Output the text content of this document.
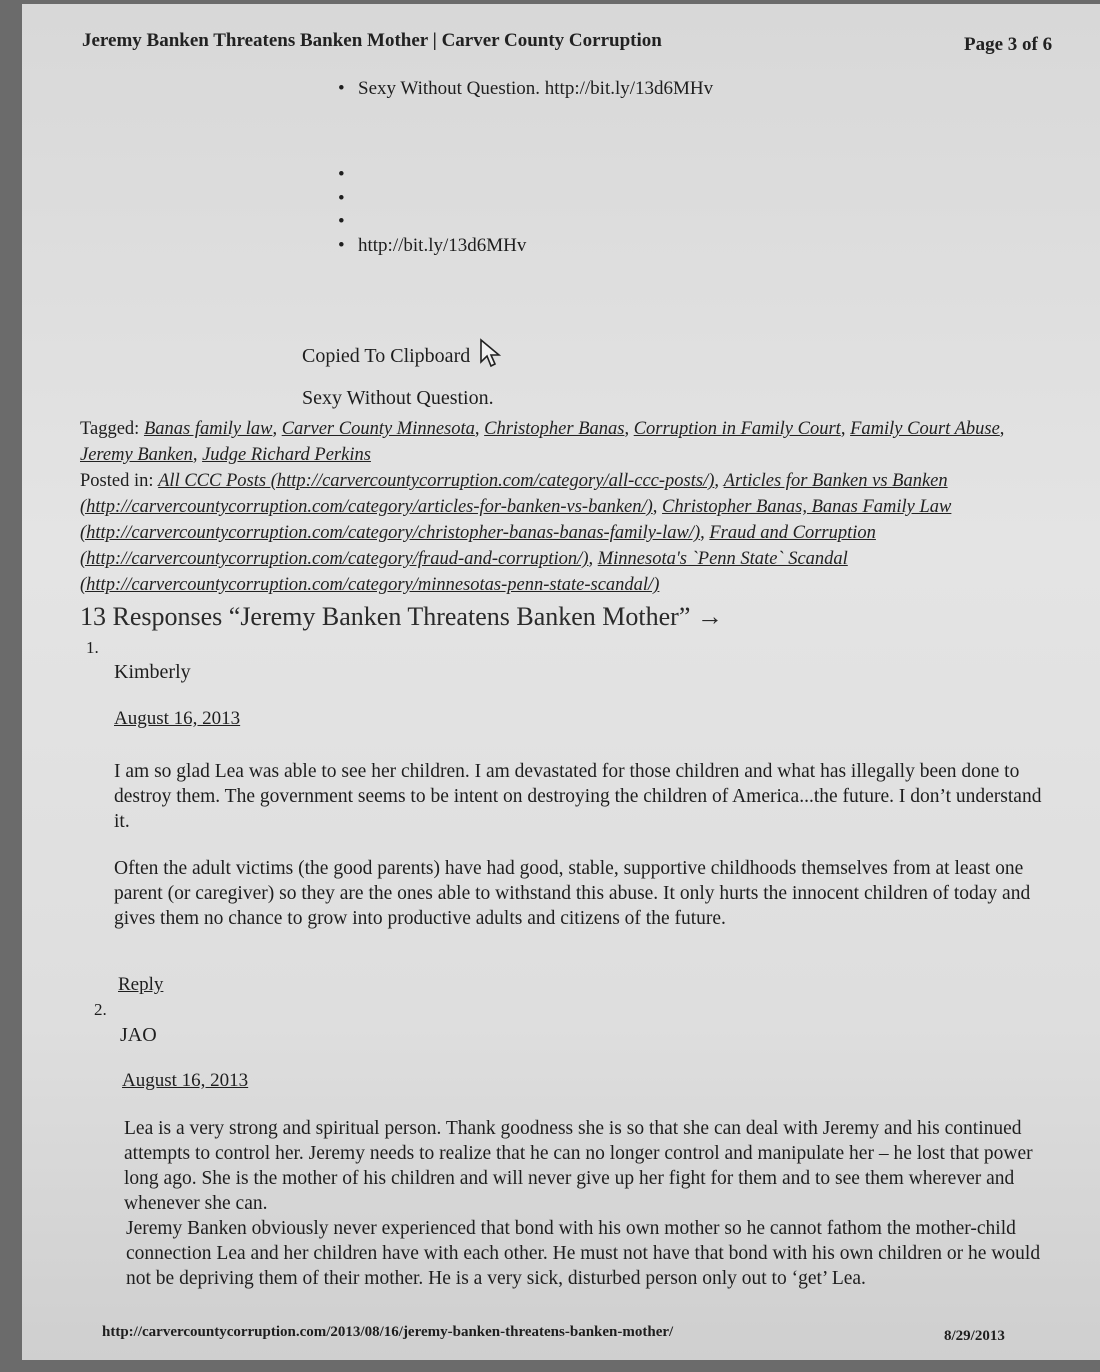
Jeremy Banken Threatens Banken Mother | Carver County Corruption	Page 3 of 6
• Sexy Without Question. http://bit.ly/13d6MHv
•
•
•
• http://bit.ly/13d6MHv
Copied To Clipboard
Sexy Without Question.
Tagged: Banas family law, Carver County Minnesota, Christopher Banas, Corruption in Family Court, Family Court Abuse, Jeremy Banken, Judge Richard Perkins
Posted in: All CCC Posts (http://carvercountycorruption.com/category/all-ccc-posts/), Articles for Banken vs Banken (http://carvercountycorruption.com/category/articles-for-banken-vs-banken/), Christopher Banas, Banas Family Law (http://carvercountycorruption.com/category/christopher-banas-banas-family-law/), Fraud and Corruption (http://carvercountycorruption.com/category/fraud-and-corruption/), Minnesota's `Penn State` Scandal (http://carvercountycorruption.com/category/minnesotas-penn-state-scandal/)
13 Responses “Jeremy Banken Threatens Banken Mother” →
1.
Kimberly
August 16, 2013
I am so glad Lea was able to see her children. I am devastated for those children and what has illegally been done to destroy them. The government seems to be intent on destroying the children of America...the future. I don’t understand it.
Often the adult victims (the good parents) have had good, stable, supportive childhoods themselves from at least one parent (or caregiver) so they are the ones able to withstand this abuse. It only hurts the innocent children of today and gives them no chance to grow into productive adults and citizens of the future.
Reply
2.
JAO
August 16, 2013
Lea is a very strong and spiritual person. Thank goodness she is so that she can deal with Jeremy and his continued attempts to control her. Jeremy needs to realize that he can no longer control and manipulate her – he lost that power long ago. She is the mother of his children and will never give up her fight for them and to see them wherever and whenever she can.
Jeremy Banken obviously never experienced that bond with his own mother so he cannot fathom the mother-child connection Lea and her children have with each other. He must not have that bond with his own children or he would not be depriving them of their mother. He is a very sick, disturbed person only out to ‘get’ Lea.
http://carvercountycorruption.com/2013/08/16/jeremy-banken-threatens-banken-mother/	8/29/2013
